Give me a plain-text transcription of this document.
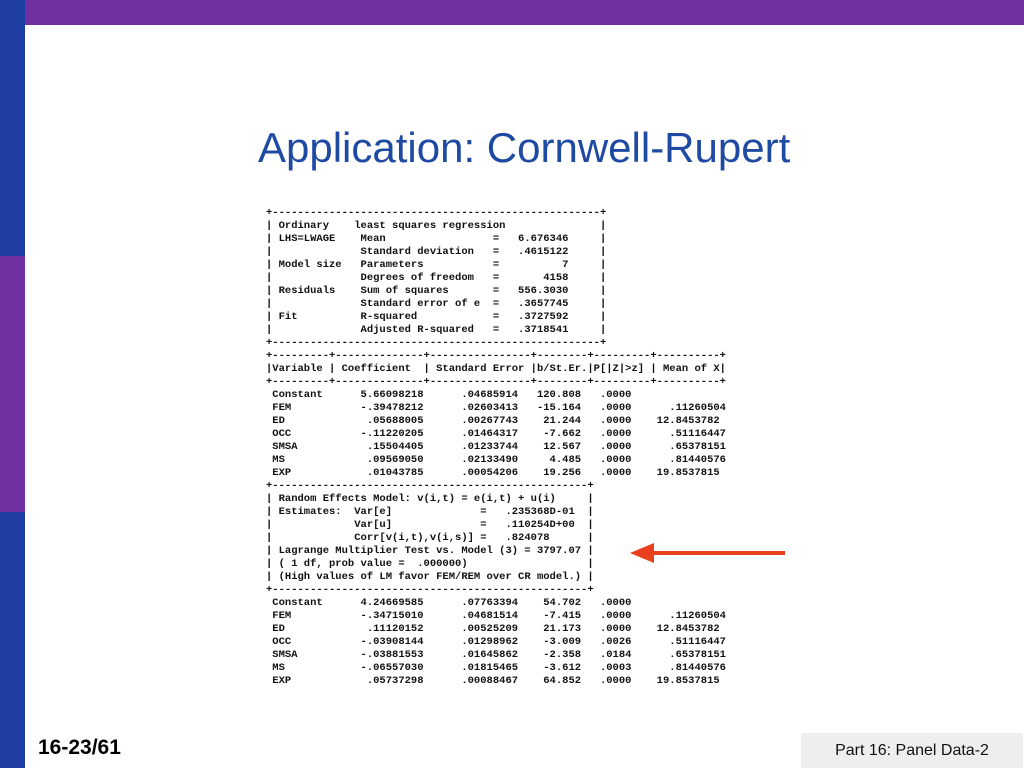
Application: Cornwell-Rupert
+----------------------------------------------------+
| Ordinary    least squares regression               |
| LHS=LWAGE    Mean                 =   6.676346     |
|              Standard deviation   =   .4615122     |
| Model size   Parameters           =          7     |
|              Degrees of freedom   =       4158     |
| Residuals    Sum of squares       =   556.3030     |
|              Standard error of e  =   .3657745     |
| Fit          R-squared            =   .3727592     |
|              Adjusted R-squared   =   .3718541     |
+----------------------------------------------------+
+---------+--------------+----------------+--------+---------+----------+
|Variable | Coefficient  | Standard Error |b/St.Er.|P[|Z|>z] | Mean of X|
+---------+--------------+----------------+--------+---------+----------+
Constant      5.66098218      .04685914   120.808   .0000
FEM           -.39478212      .02603413   -15.164   .0000      .11260504
ED             .05688005      .00267743    21.244   .0000    12.8453782
OCC           -.11220205      .01464317    -7.662   .0000      .51116447
SMSA           .15504405      .01233744    12.567   .0000      .65378151
MS             .09569050      .02133490     4.485   .0000      .81440576
EXP            .01043785      .00054206    19.256   .0000    19.8537815
+--------------------------------------------------+
| Random Effects Model: v(i,t) = e(i,t) + u(i)     |
| Estimates:  Var[e]              =   .235368D-01  |
|             Var[u]              =   .110254D+00  |
|             Corr[v(i,t),v(i,s)] =   .824078      |
| Lagrange Multiplier Test vs. Model (3) = 3797.07 |
| ( 1 df, prob value =  .000000)                   |
| (High values of LM favor FEM/REM over CR model.) |
+--------------------------------------------------+
Constant      4.24669585      .07763394    54.702   .0000
FEM           -.34715010      .04681514    -7.415   .0000      .11260504
ED             .11120152      .00525209    21.173   .0000    12.8453782
OCC           -.03908144      .01298962    -3.009   .0026      .51116447
SMSA          -.03881553      .01645862    -2.358   .0184      .65378151
MS            -.06557030      .01815465    -3.612   .0003      .81440576
EXP            .05737298      .00088467    64.852   .0000    19.8537815
16-23/61	Part 16: Panel Data-2
